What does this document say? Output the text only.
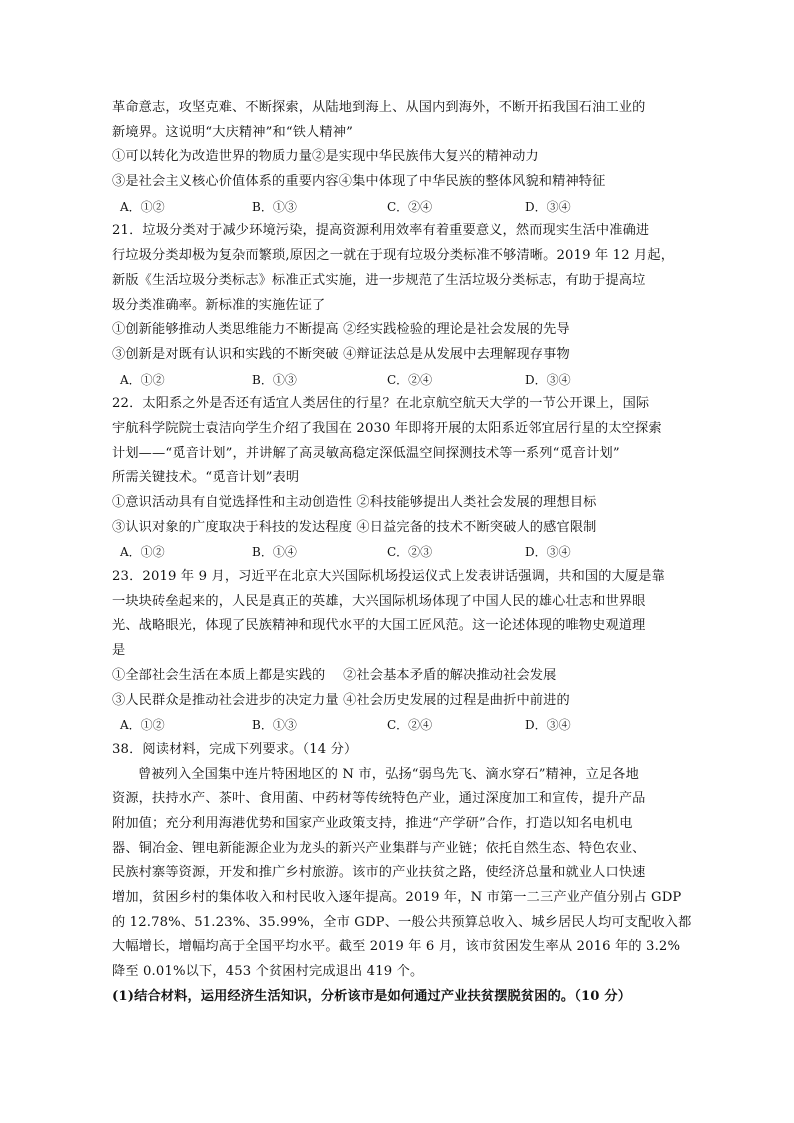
革命意志，攻坚克难、不断探索，从陆地到海上、从国内到海外，不断开拓我国石油工业的
新境界。这说明“大庆精神”和“铁人精神”
①可以转化为改造世界的物质力量②是实现中华民族伟大复兴的精神动力
③是社会主义核心价值体系的重要内容④集中体现了中华民族的整体风貌和精神特征
A．①②	B．①③	C．②④	D．③④
21．垃圾分类对于减少环境污染，提高资源利用效率有着重要意义，然而现实生活中准确进
行垃圾分类却极为复杂而繁琐,原因之一就在于现有垃圾分类标准不够清晰。2019 年 12 月起，
新版《生活垃圾分类标志》标准正式实施，进一步规范了生活垃圾分类标志，有助于提高垃
圾分类准确率。新标准的实施佐证了
①创新能够推动人类思维能力不断提高 ②经实践检验的理论是社会发展的先导
③创新是对既有认识和实践的不断突破 ④辩证法总是从发展中去理解现存事物
A．①②	B．①③	C．②④	D．③④
22．太阳系之外是否还有适宜人类居住的行星？在北京航空航天大学的一节公开课上，国际
宇航科学院院士袁洁向学生介绍了我国在 2030 年即将开展的太阳系近邻宜居行星的太空探索
计划——“觅音计划”，并讲解了高灵敏高稳定深低温空间探测技术等一系列“觅音计划”
所需关键技术。“觅音计划”表明
①意识活动具有自觉选择性和主动创造性 ②科技能够提出人类社会发展的理想目标
③认识对象的广度取决于科技的发达程度 ④日益完备的技术不断突破人的感官限制
A．①②	B．①④	C．②③	D．③④
23．2019 年 9 月，习近平在北京大兴国际机场投运仪式上发表讲话强调，共和国的大厦是靠
一块块砖垒起来的，人民是真正的英雄，大兴国际机场体现了中国人民的雄心壮志和世界眼
光、战略眼光，体现了民族精神和现代水平的大国工匠风范。这一论述体现的唯物史观道理
是
①全部社会生活在本质上都是实践的　 ②社会基本矛盾的解决推动社会发展
③人民群众是推动社会进步的决定力量 ④社会历史发展的过程是曲折中前进的
A．①②	B．①③	C．②④	D．③④
38．阅读材料，完成下列要求。（14 分）
曾被列入全国集中连片特困地区的 N 市，弘扬“弱鸟先飞、滴水穿石”精神，立足各地
资源，扶持水产、茶叶、食用菌、中药材等传统特色产业，通过深度加工和宣传，提升产品
附加值；充分利用海港优势和国家产业政策支持，推进“产学研”合作，打造以知名电机电
器、铜冶金、锂电新能源企业为龙头的新兴产业集群与产业链；依托自然生态、特色农业、
民族村寨等资源，开发和推广乡村旅游。该市的产业扶贫之路，使经济总量和就业人口快速
增加，贫困乡村的集体收入和村民收入逐年提高。2019 年，N 市第一二三产业产值分别占 GDP
的 12.78%、51.23%、35.99%，全市 GDP、一般公共预算总收入、城乡居民人均可支配收入都
大幅增长，增幅均高于全国平均水平。截至 2019 年 6 月，该市贫困发生率从 2016 年的 3.2%
降至 0.01%以下，453 个贫困村完成退出 419 个。
(1)结合材料，运用经济生活知识，分析该市是如何通过产业扶贫摆脱贫困的。（10 分）
